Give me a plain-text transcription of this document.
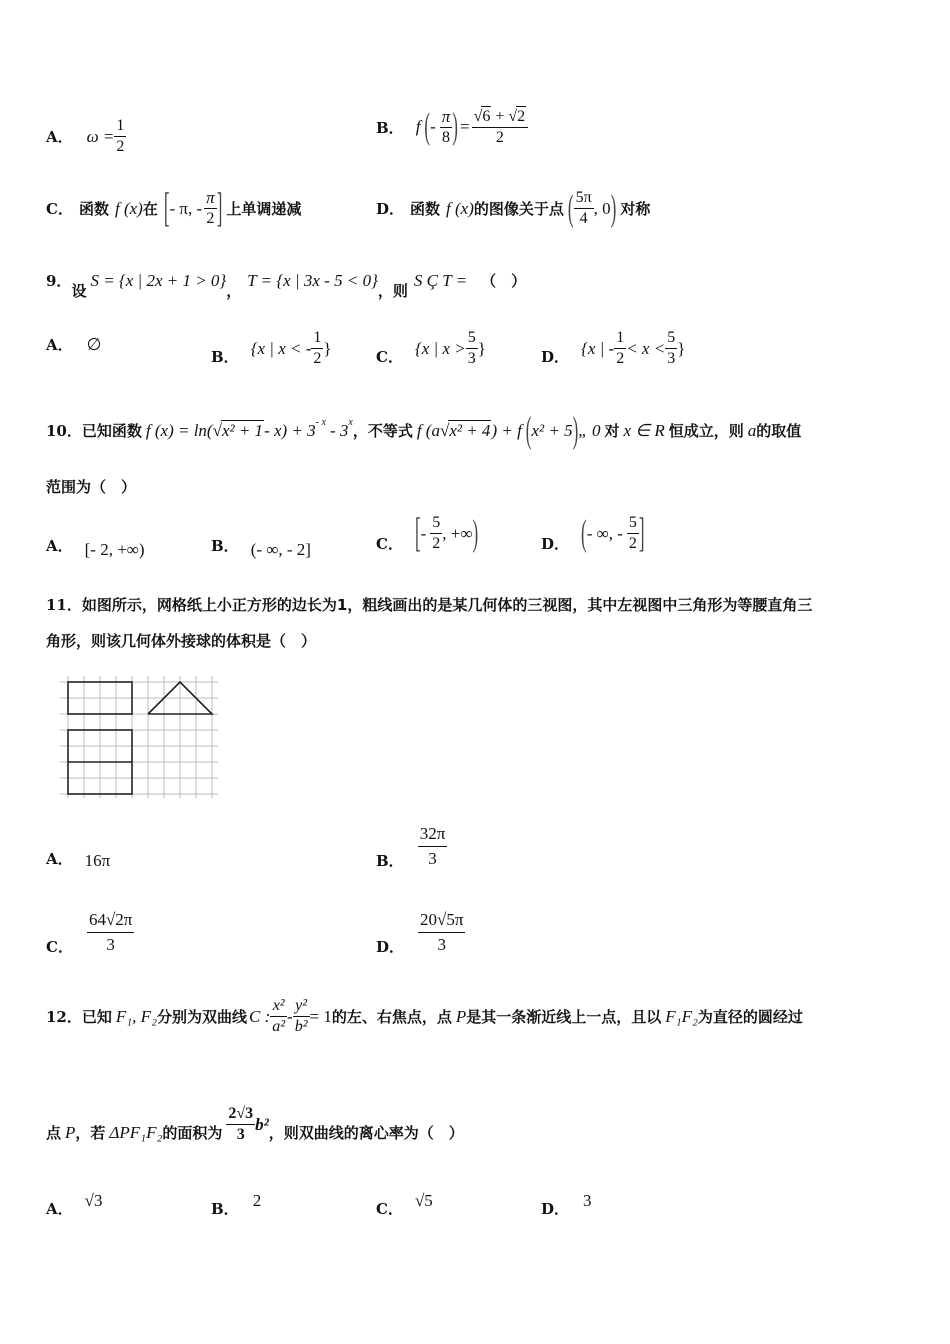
A． $\omega = \frac{1}{2}$	B． f ( - $\frac{\pi}{8}$ ) = $\frac{√6 + √2}{2}$
C． 函数 f (x) 在 [ - π, - $\frac{\pi}{2}$ ] 上单调递减	D． 函数 f (x) 的图像关于点 ( $\frac{5\pi}{4}$ , 0 ) 对称
9．
设
S = {x | 2x + 1 > 0}
，
T = {x | 3x - 5 < 0}
，则
S Ç T = （　）
A． ∅
B． {x | x < - $\frac{1}{2}$ }	C． {x | $x > \frac{5}{3}$ }	D． {x | - $\frac{1}{2} < x < \frac{5}{3}$ }
10． 已知函数 f (x) = ln( √x² + 1 - x) + 3 - x - 3 x ，不等式 f (a √x² + 4 ) + f ( x² + 5 ) „ 0 对 x ∈ R 恒成立，则 a 的取值
范围为（　）
A． [- 2, +∞)	B． (- ∞, - 2]	C． [ - $\frac{5}{2}$ , +∞ )	D． ( - ∞, - $\frac{5}{2}$ ]
11． 如图所示，网格纸上小正方形的边长为1，粗线画出的是某几何体的三视图，其中左视图中三角形为等腰直角三
角形，则该几何体外接球的体积是（　）
A． 16π	B． $\frac{32\pi}{3}$
C． $\frac{64√2\pi}{3}$	D． $\frac{20√5\pi}{3}$
12． 已知 F₁, F₂ 分别为双曲线 C : $\frac{\text{x²}}{\text{a²}} - \frac{\text{y²}}{\text{b²}} = 1$ 的左、右焦点，点 P 是其一条渐近线上一点，且以 F₁F₂ 为直径的圆经过
点 P ，若 ΔPF₁F₂ 的面积为 $\frac{2√3}{3} b^2$ ，则双曲线的离心率为（　）
A． √3	B． 2	C． √5	D． 3
